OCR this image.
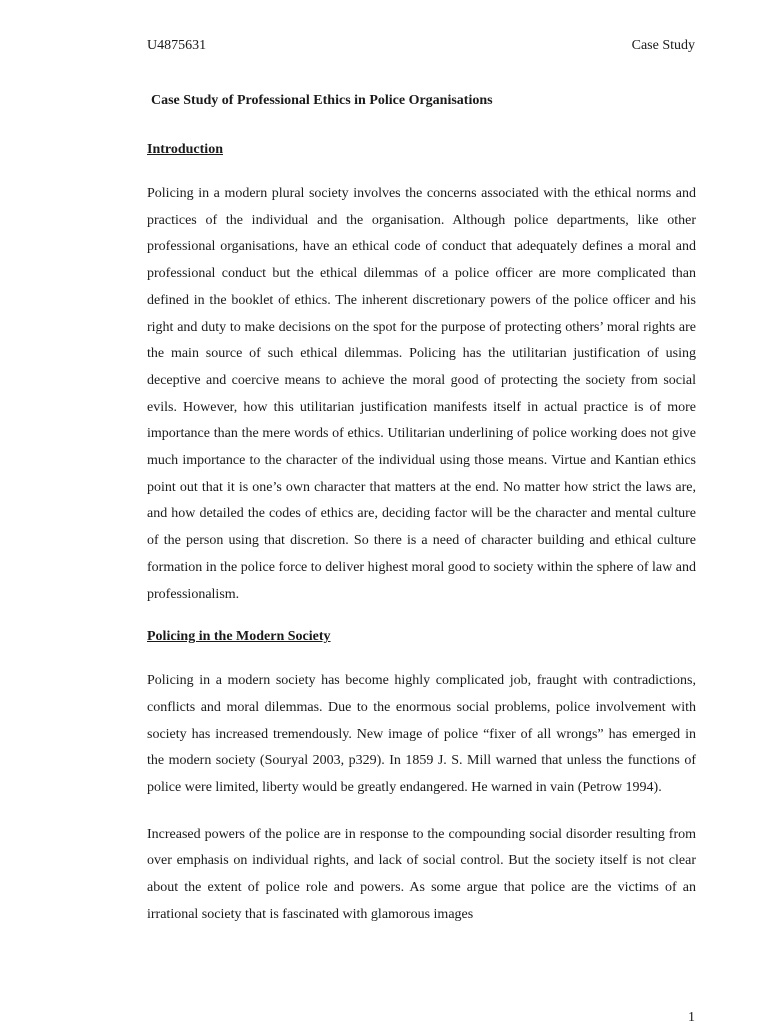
U4875631	Case Study
Case Study of Professional Ethics in Police Organisations
Introduction

Policing in a modern plural society involves the concerns associated with the ethical norms and practices of the individual and the organisation. Although police departments, like other professional organisations, have an ethical code of conduct that adequately defines a moral and professional conduct but the ethical dilemmas of a police officer are more complicated than defined in the booklet of ethics. The inherent discretionary powers of the police officer and his right and duty to make decisions on the spot for the purpose of protecting others’ moral rights are the main source of such ethical dilemmas. Policing has the utilitarian justification of using deceptive and coercive means to achieve the moral good of protecting the society from social evils. However, how this utilitarian justification manifests itself in actual practice is of more importance than the mere words of ethics. Utilitarian underlining of police working does not give much importance to the character of the individual using those means. Virtue and Kantian ethics point out that it is one’s own character that matters at the end. No matter how strict the laws are, and how detailed the codes of ethics are, deciding factor will be the character and mental culture of the person using that discretion. So there is a need of character building and ethical culture formation in the police force to deliver highest moral good to society within the sphere of law and professionalism.

Policing in the Modern Society

Policing in a modern society has become highly complicated job, fraught with contradictions, conflicts and moral dilemmas. Due to the enormous social problems, police involvement with society has increased tremendously. New image of police “fixer of all wrongs” has emerged in the modern society (Souryal 2003, p329). In 1859 J. S. Mill warned that unless the functions of police were limited, liberty would be greatly endangered. He warned in vain (Petrow 1994).

Increased powers of the police are in response to the compounding social disorder resulting from over emphasis on individual rights, and lack of social control. But the society itself is not clear about the extent of police role and powers. As some argue that police are the victims of an irrational society that is fascinated with glamorous images

1
